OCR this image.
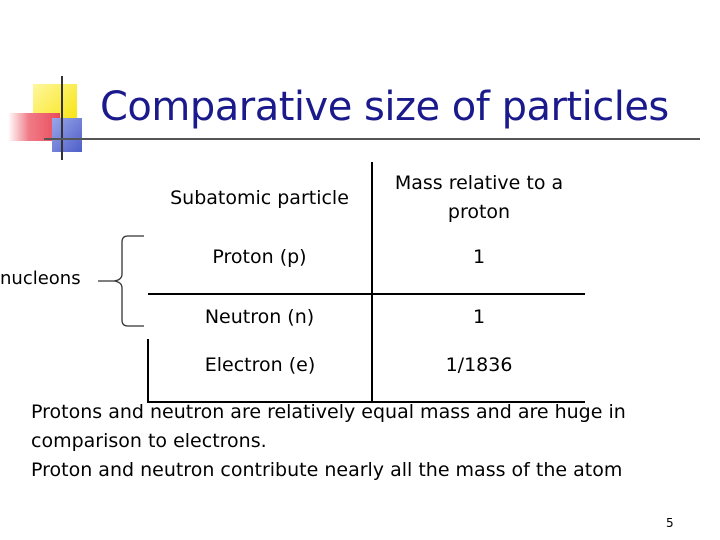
Comparative size of particles
Subatomic particle	Mass relative to a proton
Proton (p)	1
Neutron (n)	1
Electron (e)	1/1836
nucleons
Protons and neutron are relatively equal mass and are huge in
comparison to electrons.
Proton and neutron contribute nearly all the mass of the atom
5
